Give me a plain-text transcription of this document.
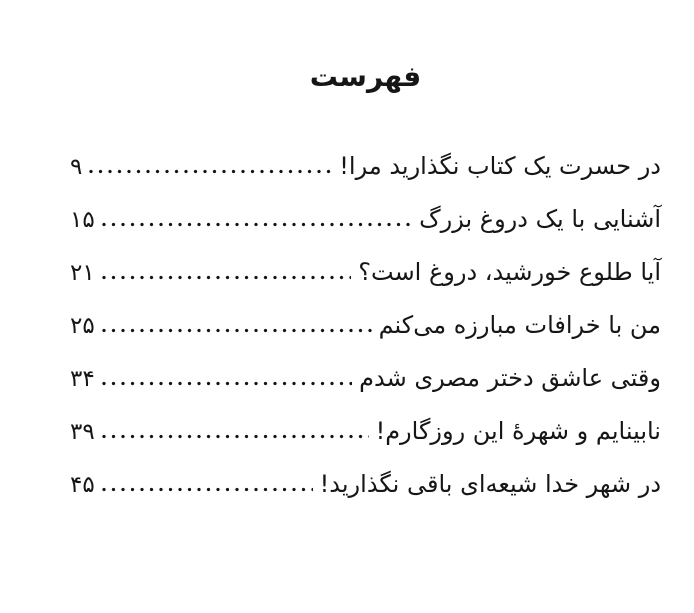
فهرست
در حسرت یک کتاب نگذارید مرا!
۹
آشنایی با یک دروغ بزرگ
۱۵
آیا طلوع خورشید، دروغ است؟
۲۱
من با خرافات مبارزه می‌کنم
۲۵
وقتی عاشق دختر مصری شدم
۳۴
نابینایم و شهرهٔ این روزگارم!
۳۹
در شهر خدا شیعه‌ای باقی نگذارید!
۴۵
